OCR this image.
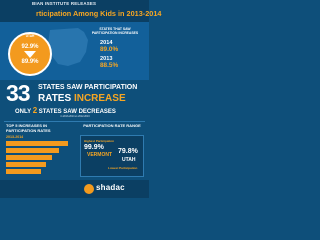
BIAN INSTITUTE RELEASES
rticipation Among Kids in 2013-2014
UTAH
92.9%
89.9%
STATES THAT SAW PARTICIPATION INCREASES
2014
89.0%
2013
88.5%
33 STATES SAW PARTICIPATION
RATES INCREASE
ONLY 2 STATES SAW DECREASES
in 2013-2014 vs 2012-2013
TOP 5 INCREASES IN PARTICIPATION RATES
2013-2014
PARTICIPATION RATE RANGE
Highest Participation
99.9%
VERMONT 79.8%
UTAH
Lowest Participation
shadac
